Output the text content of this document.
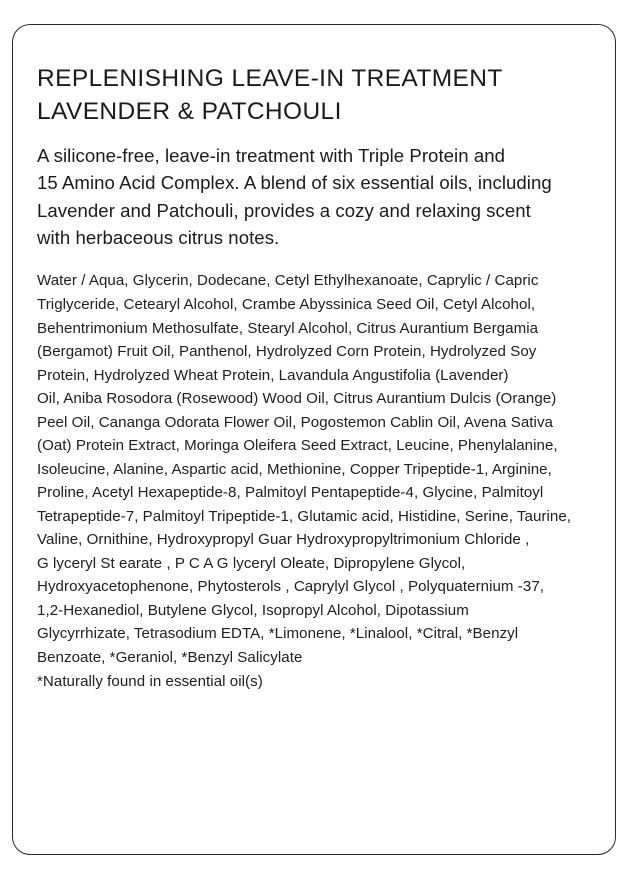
REPLENISHING LEAVE-IN TREATMENT
LAVENDER & PATCHOULI

A silicone-free, leave-in treatment with Triple Protein and
15 Amino Acid Complex. A blend of six essential oils, including
Lavender and Patchouli, provides a cozy and relaxing scent
with herbaceous citrus notes.

Water / Aqua, Glycerin, Dodecane, Cetyl Ethylhexanoate, Caprylic / Capric
Triglyceride, Cetearyl Alcohol, Crambe Abyssinica Seed Oil, Cetyl Alcohol,
Behentrimonium Methosulfate, Stearyl Alcohol, Citrus Aurantium Bergamia
(Bergamot) Fruit Oil, Panthenol, Hydrolyzed Corn Protein, Hydrolyzed Soy
Protein, Hydrolyzed Wheat Protein, Lavandula Angustifolia (Lavender)
Oil, Aniba Rosodora (Rosewood) Wood Oil, Citrus Aurantium Dulcis (Orange)
Peel Oil, Cananga Odorata Flower Oil, Pogostemon Cablin Oil, Avena Sativa
(Oat) Protein Extract, Moringa Oleifera Seed Extract, Leucine, Phenylalanine,
Isoleucine, Alanine, Aspartic acid, Methionine, Copper Tripeptide-1, Arginine,
Proline, Acetyl Hexapeptide-8, Palmitoyl Pentapeptide-4, Glycine, Palmitoyl
Tetrapeptide-7, Palmitoyl Tripeptide-1, Glutamic acid, Histidine, Serine, Taurine,
Valine, Ornithine, Hydroxypropyl Guar Hydroxypropyltrimonium Chloride ,
G lyceryl St earate , P C A G lyceryl Oleate, Dipropylene Glycol,
Hydroxyacetophenone, Phytosterols , Caprylyl Glycol , Polyquaternium -37,
1,2-Hexanediol, Butylene Glycol, Isopropyl Alcohol, Dipotassium
Glycyrrhizate, Tetrasodium EDTA, *Limonene, *Linalool, *Citral, *Benzyl
Benzoate, *Geraniol, *Benzyl Salicylate
*Naturally found in essential oil(s)
